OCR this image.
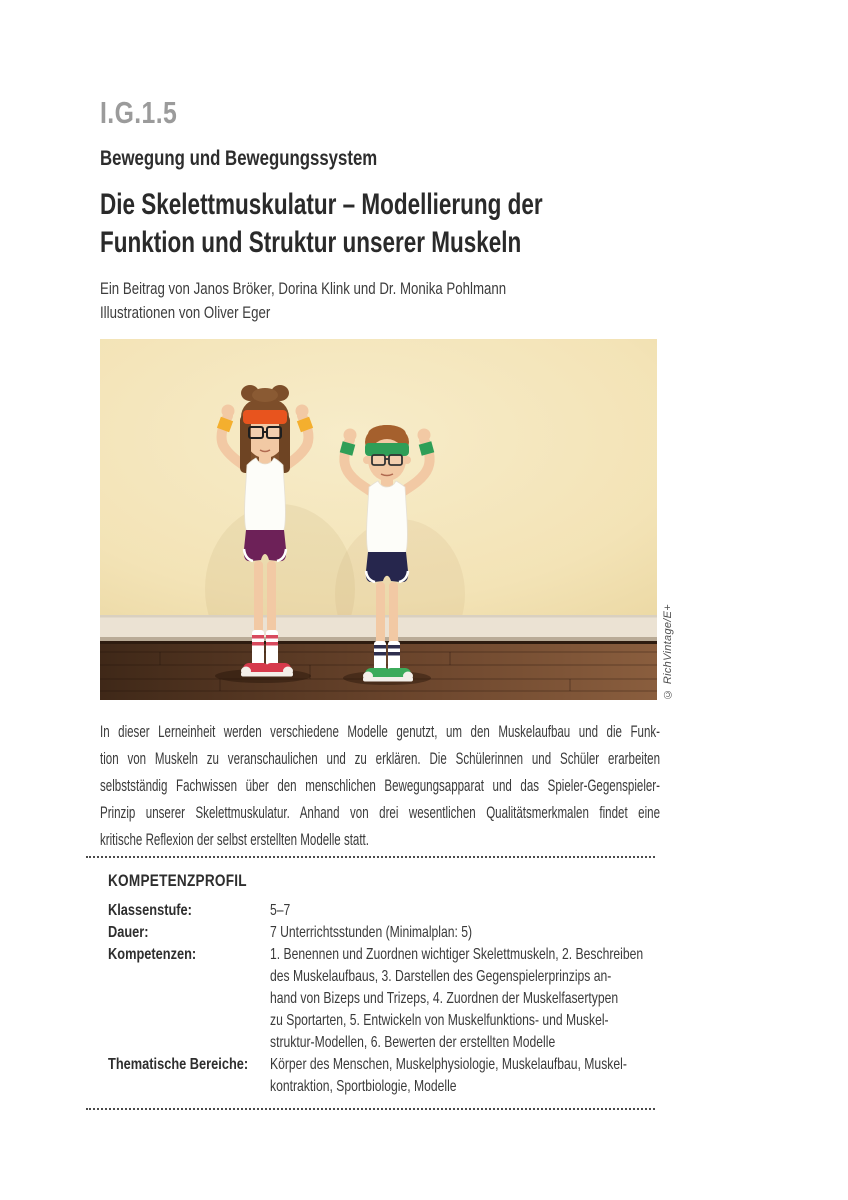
I.G.1.5
Bewegung und Bewegungssystem
Die Skelettmuskulatur – Modellierung der
Funktion und Struktur unserer Muskeln
Ein Beitrag von Janos Bröker, Dorina Klink und Dr. Monika Pohlmann
Illustrationen von Oliver Eger
© RichVintage/E+
In dieser Lerneinheit werden verschiedene Modelle genutzt, um den Muskelaufbau und die Funk-
tion von Muskeln zu veranschaulichen und zu erklären. Die Schülerinnen und Schüler erarbeiten
selbstständig Fachwissen über den menschlichen Bewegungsapparat und das Spieler-Gegenspieler-
Prinzip unserer Skelettmuskulatur. Anhand von drei wesentlichen Qualitätsmerkmalen findet eine
kritische Reflexion der selbst erstellten Modelle statt.
KOMPETENZPROFIL
Klassenstufe:	5–7
Dauer:	7 Unterrichtsstunden (Minimalplan: 5)
Kompetenzen:	1. Benennen und Zuordnen wichtiger Skelettmuskeln, 2. Beschreiben
des Muskelaufbaus, 3. Darstellen des Gegenspielerprinzips an-
hand von Bizeps und Trizeps, 4. Zuordnen der Muskelfasertypen
zu Sportarten, 5. Entwickeln von Muskelfunktions- und Muskel-
struktur-Modellen, 6. Bewerten der erstellten Modelle
Thematische Bereiche:	Körper des Menschen, Muskelphysiologie, Muskelaufbau, Muskel-
kontraktion, Sportbiologie, Modelle
